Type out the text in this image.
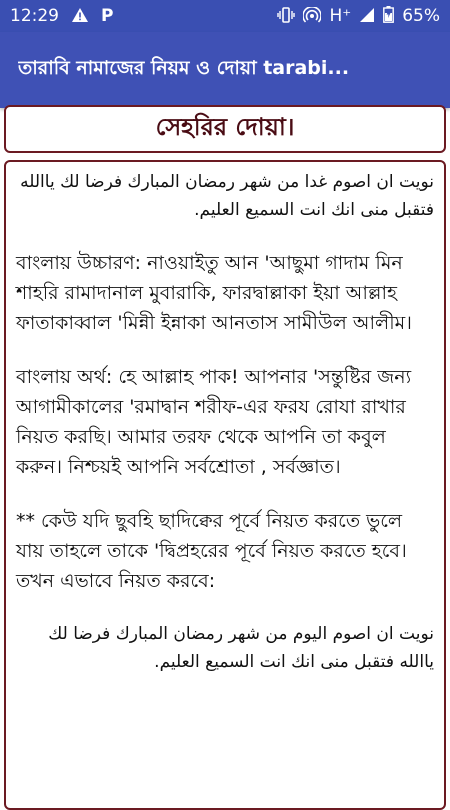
12:29 P	H⁺	65%
তারাবি নামাজের নিয়ম ও দোয়া tarabi...
সেহরির দোয়া।

نويت ان اصوم غدا من شهر رمضان المبارك فرضا لك ياالله فتقبل منى انك انت السميع العليم.

বাংলায় উচ্চারণ: নাওয়াইতু আন 'আছুমা গাদাম মিন শাহরি রামাদানাল মুবারাকি, ফারদ্বাল্লাকা ইয়া আল্লাহ ফাতাকাব্বাল 'মিন্নী ইন্নাকা আনতাস সামীউল আলীম।

বাংলায় অর্থ: হে আল্লাহ পাক! আপনার 'সন্তুষ্টির জন্য আগামীকালের 'রমাদ্বান শরীফ-এর ফরয রোযা রাখার নিয়ত করছি। আমার তরফ থেকে আপনি তা কবুল করুন। নিশ্চয়ই আপনি সর্বশ্রোতা , সর্বজ্ঞাত।

** কেউ যদি ছুবহি ছাদিক্বের পূর্বে নিয়ত করতে ভুলে যায় তাহলে তাকে 'দ্বিপ্রহরের পূর্বে নিয়ত করতে হবে। তখন এভাবে নিয়ত করবে:

نويت ان اصوم اليوم من شهر رمضان المبارك فرضا لك ياالله فتقبل منى انك انت السميع العليم.
